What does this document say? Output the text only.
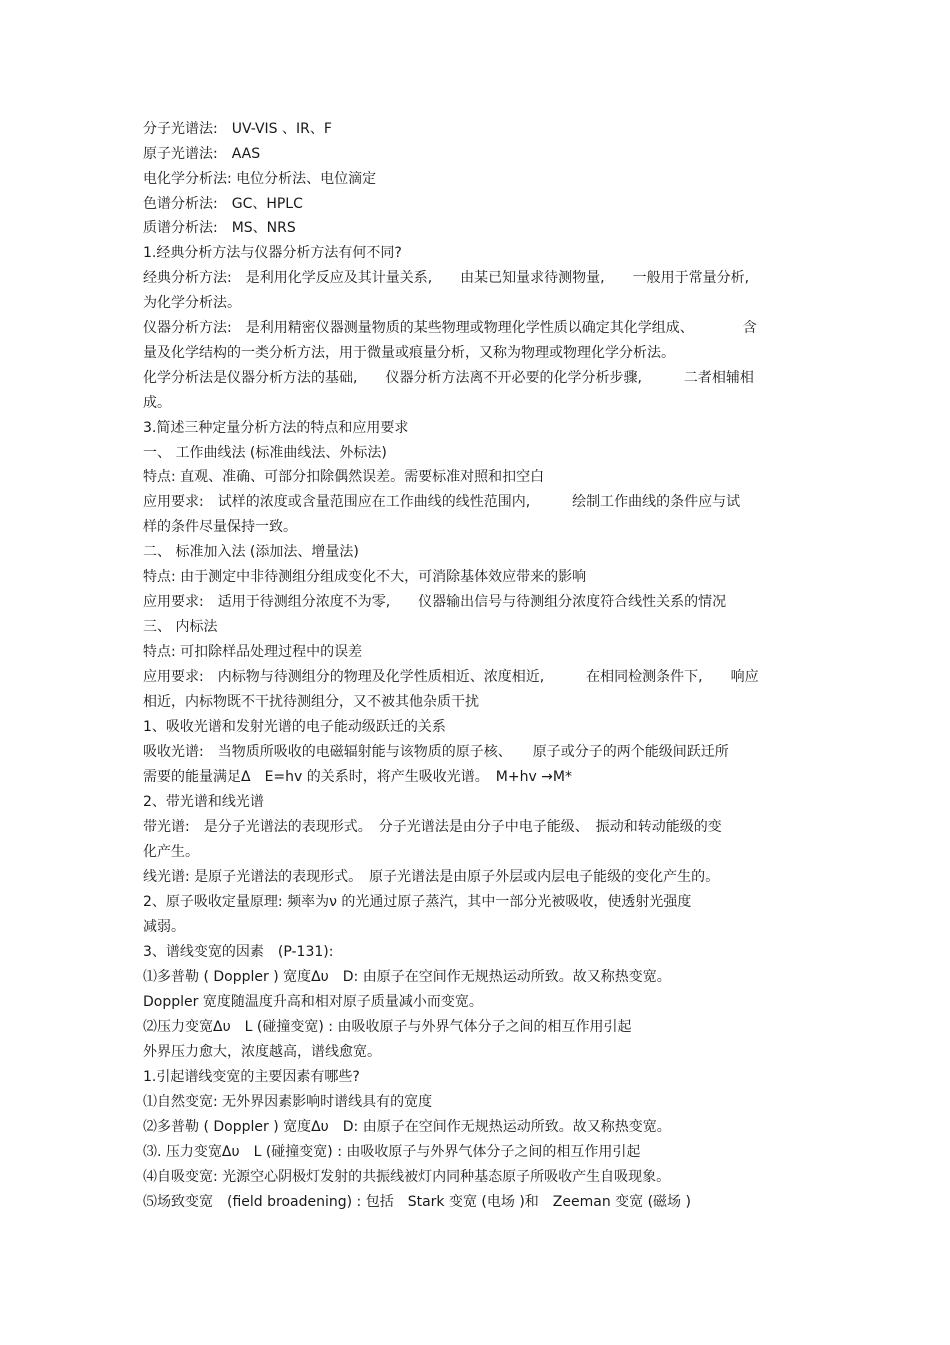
分子光谱法:　UV-VIS 、IR、F
原子光谱法:　AAS
电化学分析法: 电位分析法、电位滴定
色谱分析法:　GC、HPLC
质谱分析法:　MS、NRS
1.经典分析方法与仪器分析方法有何不同?
经典分析方法:　是利用化学反应及其计量关系,　　由某已知量求待测物量,　　一般用于常量分析,
为化学分析法。
仪器分析方法:　是利用精密仪器测量物质的某些物理或物理化学性质以确定其化学组成、　　　　含
量及化学结构的一类分析方法，用于微量或痕量分析，又称为物理或物理化学分析法。
化学分析法是仪器分析方法的基础,　　仪器分析方法离不开必要的化学分析步骤,　　　二者相辅相
成。
3.简述三种定量分析方法的特点和应用要求
一、 工作曲线法 (标准曲线法、外标法)
特点: 直观、准确、可部分扣除偶然误差。需要标准对照和扣空白
应用要求:　试样的浓度或含量范围应在工作曲线的线性范围内,　　　绘制工作曲线的条件应与试
样的条件尽量保持一致。
二、 标准加入法 (添加法、增量法)
特点: 由于测定中非待测组分组成变化不大，可消除基体效应带来的影响
应用要求:　适用于待测组分浓度不为零,　　仪器输出信号与待测组分浓度符合线性关系的情况
三、 内标法
特点: 可扣除样品处理过程中的误差
应用要求:　内标物与待测组分的物理及化学性质相近、浓度相近,　　　在相同检测条件下,　　响应
相近，内标物既不干扰待测组分，又不被其他杂质干扰
1、吸收光谱和发射光谱的电子能动级跃迁的关系
吸收光谱:　当物质所吸收的电磁辐射能与该物质的原子核、　　原子或分子的两个能级间跃迁所
需要的能量满足Δ　E=hv 的关系时，将产生吸收光谱。　M+hv →M*
2、带光谱和线光谱
带光谱:　是分子光谱法的表现形式。　分子光谱法是由分子中电子能级、　振动和转动能级的变
化产生。
线光谱: 是原子光谱法的表现形式。　原子光谱法是由原子外层或内层电子能级的变化产生的。
2、原子吸收定量原理: 频率为ν 的光通过原子蒸汽，其中一部分光被吸收，使透射光强度
减弱。
3、谱线变宽的因素　(P-131):
⑴多普勒 ( Doppler ) 宽度Δυ　D: 由原子在空间作无规热运动所致。故又称热变宽。
Doppler 宽度随温度升高和相对原子质量减小而变宽。
⑵压力变宽Δυ　L (碰撞变宽) : 由吸收原子与外界气体分子之间的相互作用引起
外界压力愈大，浓度越高，谱线愈宽。
1.引起谱线变宽的主要因素有哪些?
⑴自然变宽: 无外界因素影响时谱线具有的宽度
⑵多普勒 ( Doppler ) 宽度Δυ　D: 由原子在空间作无规热运动所致。故又称热变宽。
⑶. 压力变宽Δυ　L (碰撞变宽) : 由吸收原子与外界气体分子之间的相互作用引起
⑷自吸变宽: 光源空心阴极灯发射的共振线被灯内同种基态原子所吸收产生自吸现象。
⑸场致变宽　(field broadening) : 包括　Stark 变宽 (电场 )和　Zeeman 变宽 (磁场 )
